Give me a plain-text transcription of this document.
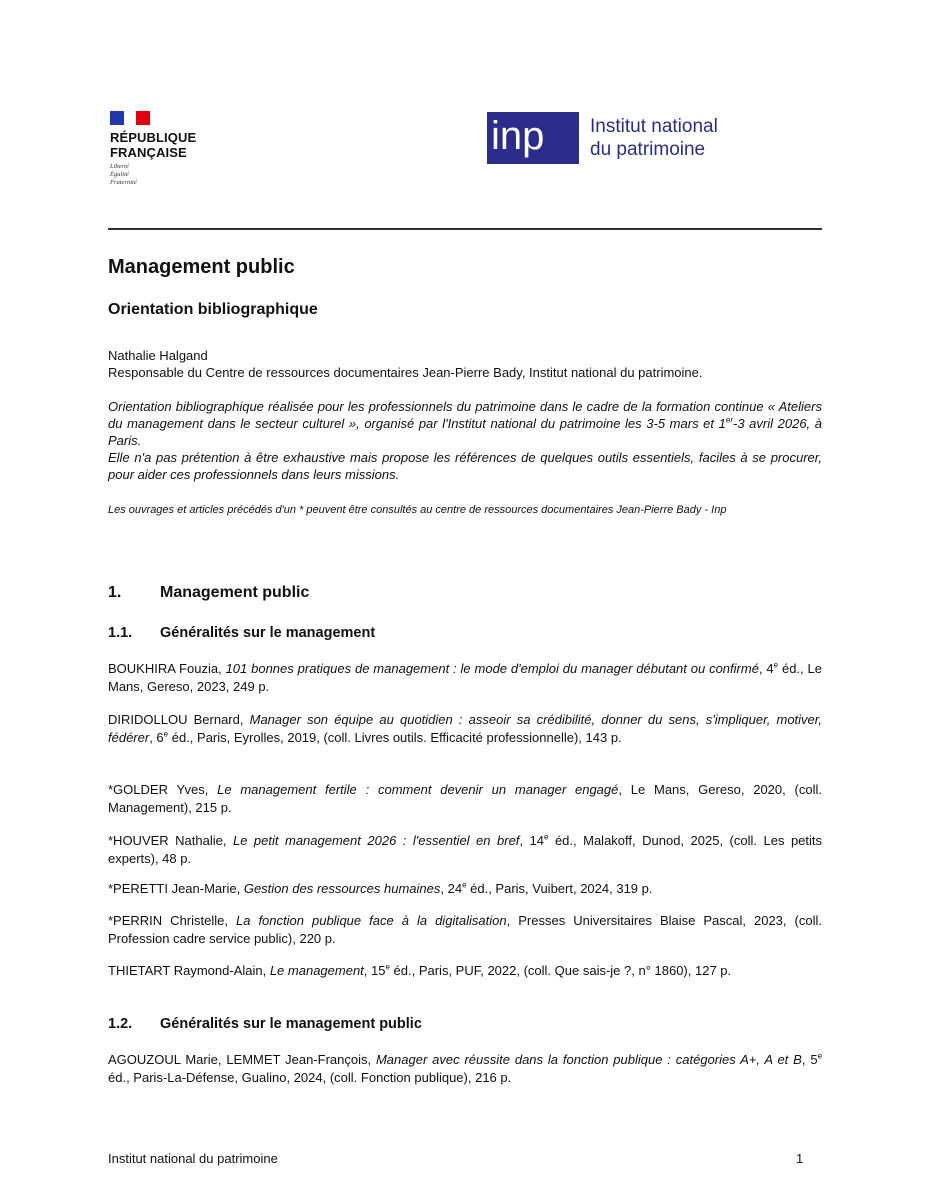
RÉPUBLIQUE
FRANÇAISE
Liberté
Égalité
Fraternité
inp	Institut national
du patrimoine
Management public
Orientation bibliographique
Nathalie Halgand
Responsable du Centre de ressources documentaires Jean-Pierre Bady, Institut national du patrimoine.
Orientation bibliographique réalisée pour les professionnels du patrimoine dans le cadre de la formation continue « Ateliers du management dans le secteur culturel », organisé par l'Institut national du patrimoine les 3-5 mars et 1er-3 avril 2026, à Paris.
Elle n'a pas prétention à être exhaustive mais propose les références de quelques outils essentiels, faciles à se procurer, pour aider ces professionnels dans leurs missions.
Les ouvrages et articles précédés d'un * peuvent être consultés au centre de ressources documentaires Jean-Pierre Bady - Inp
1.	Management public
1.1.	Généralités sur le management
BOUKHIRA Fouzia, 101 bonnes pratiques de management : le mode d'emploi du manager débutant ou confirmé, 4e éd., Le Mans, Gereso, 2023, 249 p.
DIRIDOLLOU Bernard, Manager son équipe au quotidien : asseoir sa crédibilité, donner du sens, s'impliquer, motiver, fédérer, 6e éd., Paris, Eyrolles, 2019, (coll. Livres outils. Efficacité professionnelle), 143 p.
*GOLDER Yves, Le management fertile : comment devenir un manager engagé, Le Mans, Gereso, 2020, (coll. Management), 215 p.
*HOUVER Nathalie, Le petit management 2026 : l'essentiel en bref, 14e éd., Malakoff, Dunod, 2025, (coll. Les petits experts), 48 p.
*PERETTI Jean-Marie, Gestion des ressources humaines, 24e éd., Paris, Vuibert, 2024, 319 p.
*PERRIN Christelle, La fonction publique face à la digitalisation, Presses Universitaires Blaise Pascal, 2023, (coll. Profession cadre service public), 220 p.
THIETART Raymond-Alain, Le management, 15e éd., Paris, PUF, 2022, (coll. Que sais-je ?, n° 1860), 127 p.
1.2.	Généralités sur le management public
AGOUZOUL Marie, LEMMET Jean-François, Manager avec réussite dans la fonction publique : catégories A+, A et B, 5e éd., Paris-La-Défense, Gualino, 2024, (coll. Fonction publique), 216 p.
Institut national du patrimoine	1
